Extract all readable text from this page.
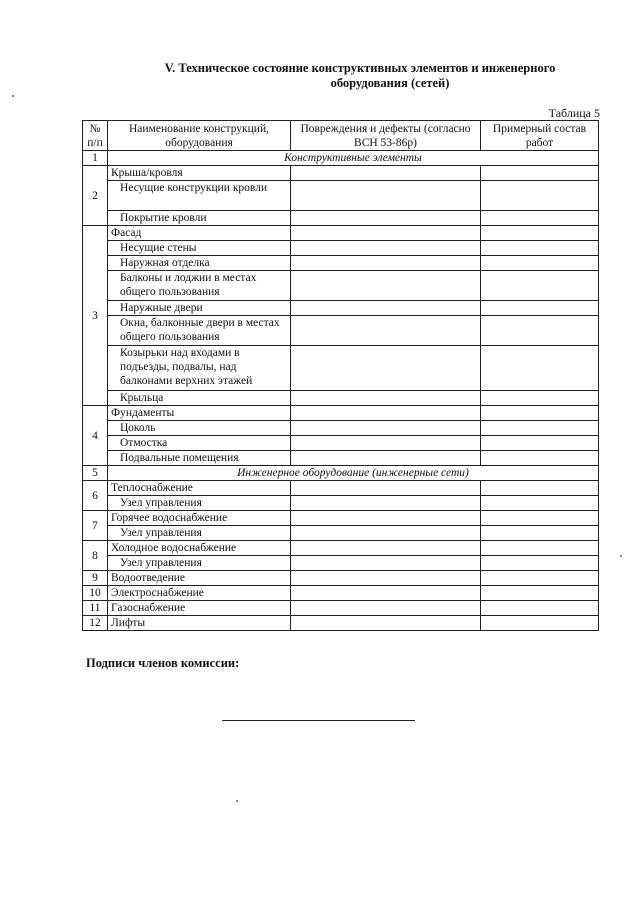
V. Техническое состояние конструктивных элементов и инженерного
оборудования (сетей)
Таблица 5
№ п/п	Наименование конструкций, оборудования	Повреждения и дефекты (согласно ВСН 53-86р)	Примерный состав работ
1	Конструктивные элементы		
2	Крыша/кровля		
	Несущие конструкции кровли		
	Покрытие кровли		
3	Фасад		
	Несущие стены		
	Наружная отделка		
	Балконы и лоджии в местах общего пользования		
	Наружные двери		
	Окна, балконные двери в местах общего пользования		
	Козырьки над входами в подъезды, подвалы, над балконами верхних этажей		
	Крыльца		
4	Фундаменты		
	Цоколь		
	Отмостка		
	Подвальные помещения		
5	Инженерное оборудование (инженерные сети)		
6	Теплоснабжение		
	Узел управления		
7	Горячее водоснабжение		
	Узел управления		
8	Холодное водоснабжение		
	Узел управления		
9	Водоотведение		
10	Электроснабжение		
11	Газоснабжение		
12	Лифты		
Подписи членов комиссии:
